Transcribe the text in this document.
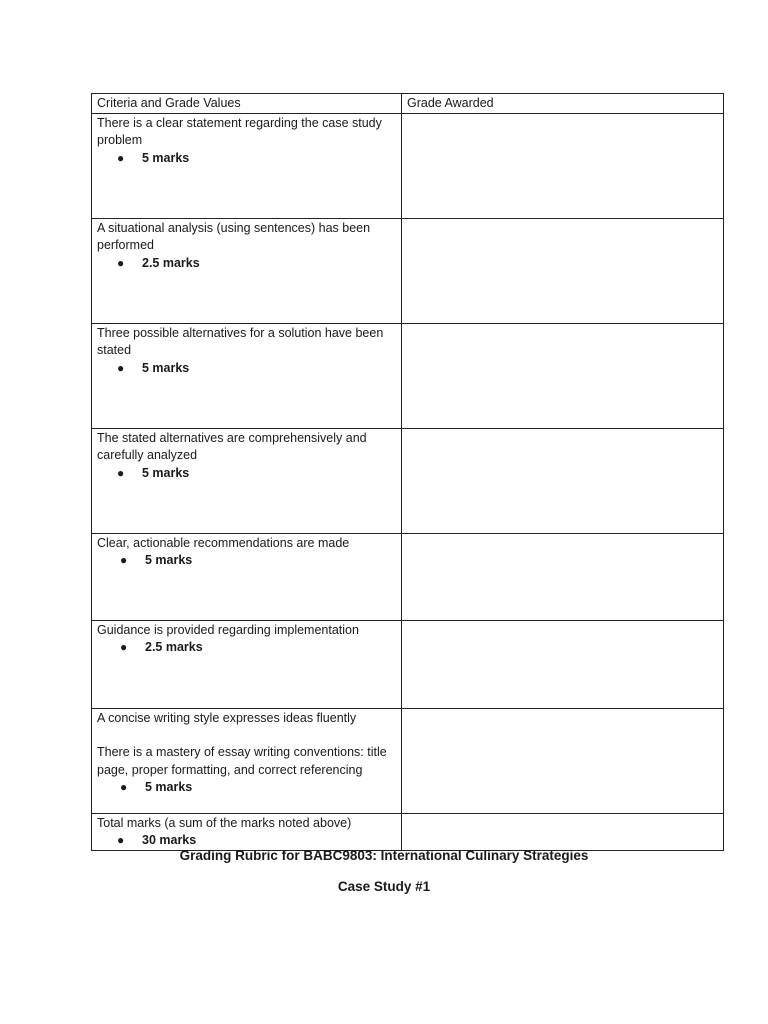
Criteria and Grade Values	Grade Awarded

There is a clear statement regarding the case study problem
● 5 marks	

A situational analysis (using sentences) has been performed
● 2.5 marks	

Three possible alternatives for a solution have been stated
● 5 marks	

The stated alternatives are comprehensively and carefully analyzed
● 5 marks	

Clear, actionable recommendations are made
● 5 marks	

Guidance is provided regarding implementation
● 2.5 marks	

A concise writing style expresses ideas fluently
There is a mastery of essay writing conventions: title page, proper formatting, and correct referencing
● 5 marks	

Total marks (a sum of the marks noted above)
● 30 marks	

Grading Rubric for BABC9803: International Culinary Strategies
Case Study #1
